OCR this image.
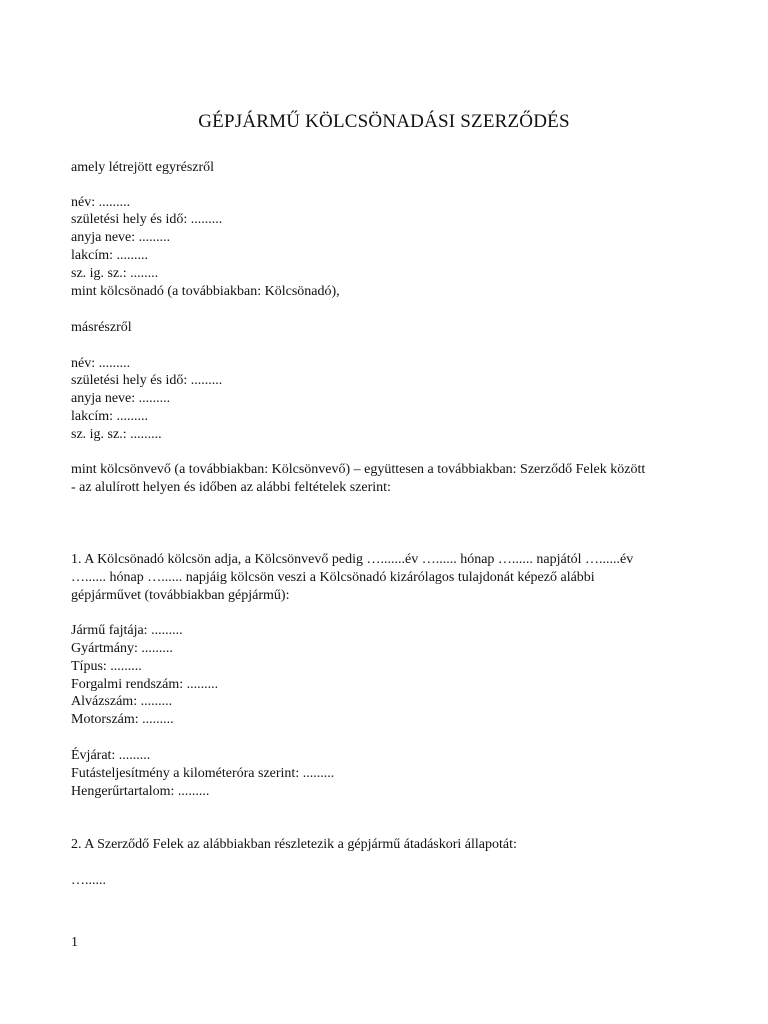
GÉPJÁRMŰ KÖLCSÖNADÁSI SZERZŐDÉS
amely létrejött egyrészről
név: .........
születési hely és idő: .........
anyja neve: .........
lakcím: .........
sz. ig. sz.: ........
mint kölcsönadó (a továbbiakban: Kölcsönadó),
másrészről
név: .........
születési hely és idő: .........
anyja neve: .........
lakcím: .........
sz. ig. sz.: .........
mint kölcsönvevő (a továbbiakban: Kölcsönvevő) – együttesen a továbbiakban: Szerződő Felek között
- az alulírott helyen és időben az alábbi feltételek szerint:
1. A Kölcsönadó kölcsön adja, a Kölcsönvevő pedig ….......év …...... hónap …...... napjától …......év
…...... hónap …...... napjáig kölcsön veszi a Kölcsönadó kizárólagos tulajdonát képező alábbi
gépjárművet (továbbiakban gépjármű):
Jármű fajtája: .........
Gyártmány: .........
Típus: .........
Forgalmi rendszám: .........
Alvázszám: .........
Motorszám: .........
Évjárat: .........
Futásteljesítmény a kilométeróra szerint: .........
Hengerűrtartalom: .........
2. A Szerződő Felek az alábbiakban részletezik a gépjármű átadáskori állapotát:
…......
1
